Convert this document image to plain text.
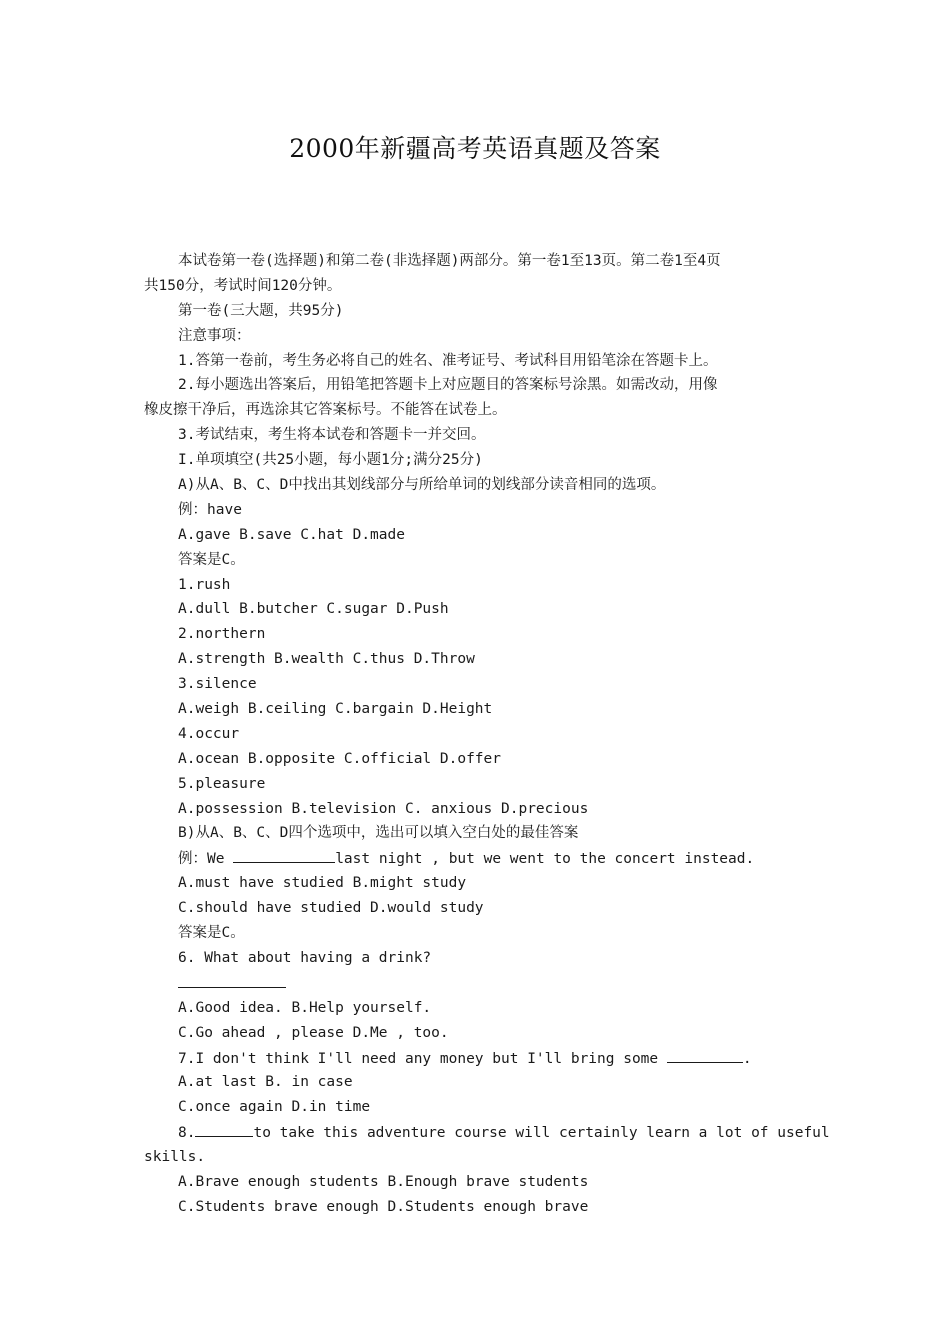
2000年新疆高考英语真题及答案
本试卷第一卷(选择题)和第二卷(非选择题)两部分。第一卷1至13页。第二卷1至4页
共150分，考试时间120分钟。
第一卷(三大题，共95分)
注意事项：
1.答第一卷前，考生务必将自己的姓名、准考证号、考试科目用铅笔涂在答题卡上。
2.每小题选出答案后，用铅笔把答题卡上对应题目的答案标号涂黑。如需改动，用像
橡皮擦干净后，再选涂其它答案标号。不能答在试卷上。
3.考试结束，考生将本试卷和答题卡一并交回。
I.单项填空(共25小题，每小题1分;满分25分)
A)从A、B、C、D中找出其划线部分与所给单词的划线部分读音相同的选项。
例：have
A.gave B.save C.hat D.made
答案是C。
1.rush
A.dull B.butcher C.sugar D.Push
2.northern
A.strength B.wealth C.thus D.Throw
3.silence
A.weigh B.ceiling C.bargain D.Height
4.occur
A.ocean B.opposite C.official D.offer
5.pleasure
A.possession B.television C. anxious D.precious
B)从A、B、C、D四个选项中，选出可以填入空白处的最佳答案
例：We	last night , but we went to the concert instead.
A.must have studied B.might study
C.should have studied D.would study
答案是C。
6. What about having a drink?
A.Good idea. B.Help yourself.
C.Go ahead , please D.Me , too.
7.I don't think I'll need any money but I'll bring some	.
A.at last B. in case
C.once again D.in time
8.	to take this adventure course will certainly learn a lot of useful
skills.
A.Brave enough students B.Enough brave students
C.Students brave enough D.Students enough brave
